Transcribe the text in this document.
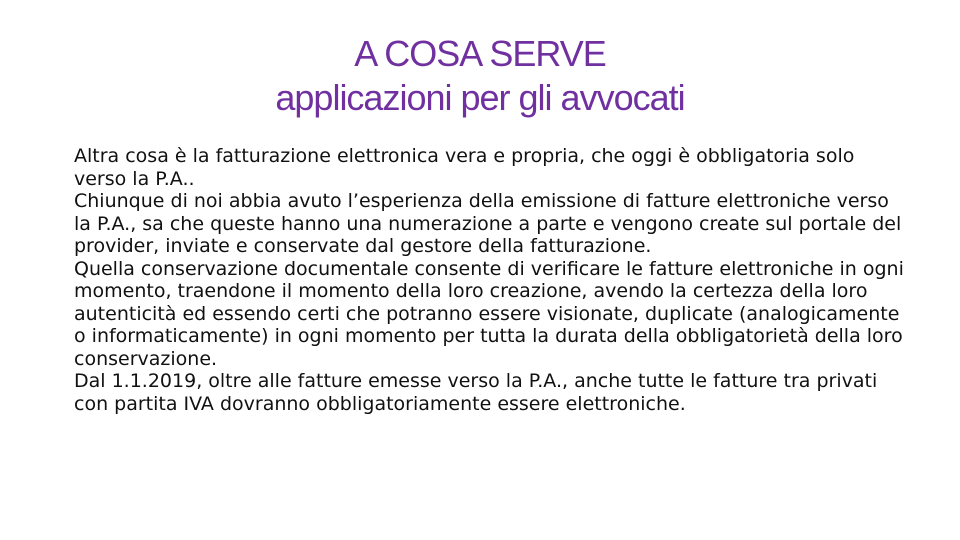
A COSA SERVE
applicazioni per gli avvocati

Altra cosa è la fatturazione elettronica vera e propria, che oggi è obbligatoria solo verso la P.A..

Chiunque di noi abbia avuto l’esperienza della emissione di fatture elettroniche verso la P.A., sa che queste hanno una numerazione a parte e vengono create sul portale del provider, inviate e conservate dal gestore della fatturazione.

Quella conservazione documentale consente di verificare le fatture elettroniche in ogni momento, traendone il momento della loro creazione, avendo la certezza della loro autenticità ed essendo certi che potranno essere visionate, duplicate (analogicamente o informaticamente) in ogni momento per tutta la durata della obbligatorietà della loro conservazione.

Dal 1.1.2019, oltre alle fatture emesse verso la P.A., anche tutte le fatture tra privati con partita IVA dovranno obbligatoriamente essere elettroniche.
